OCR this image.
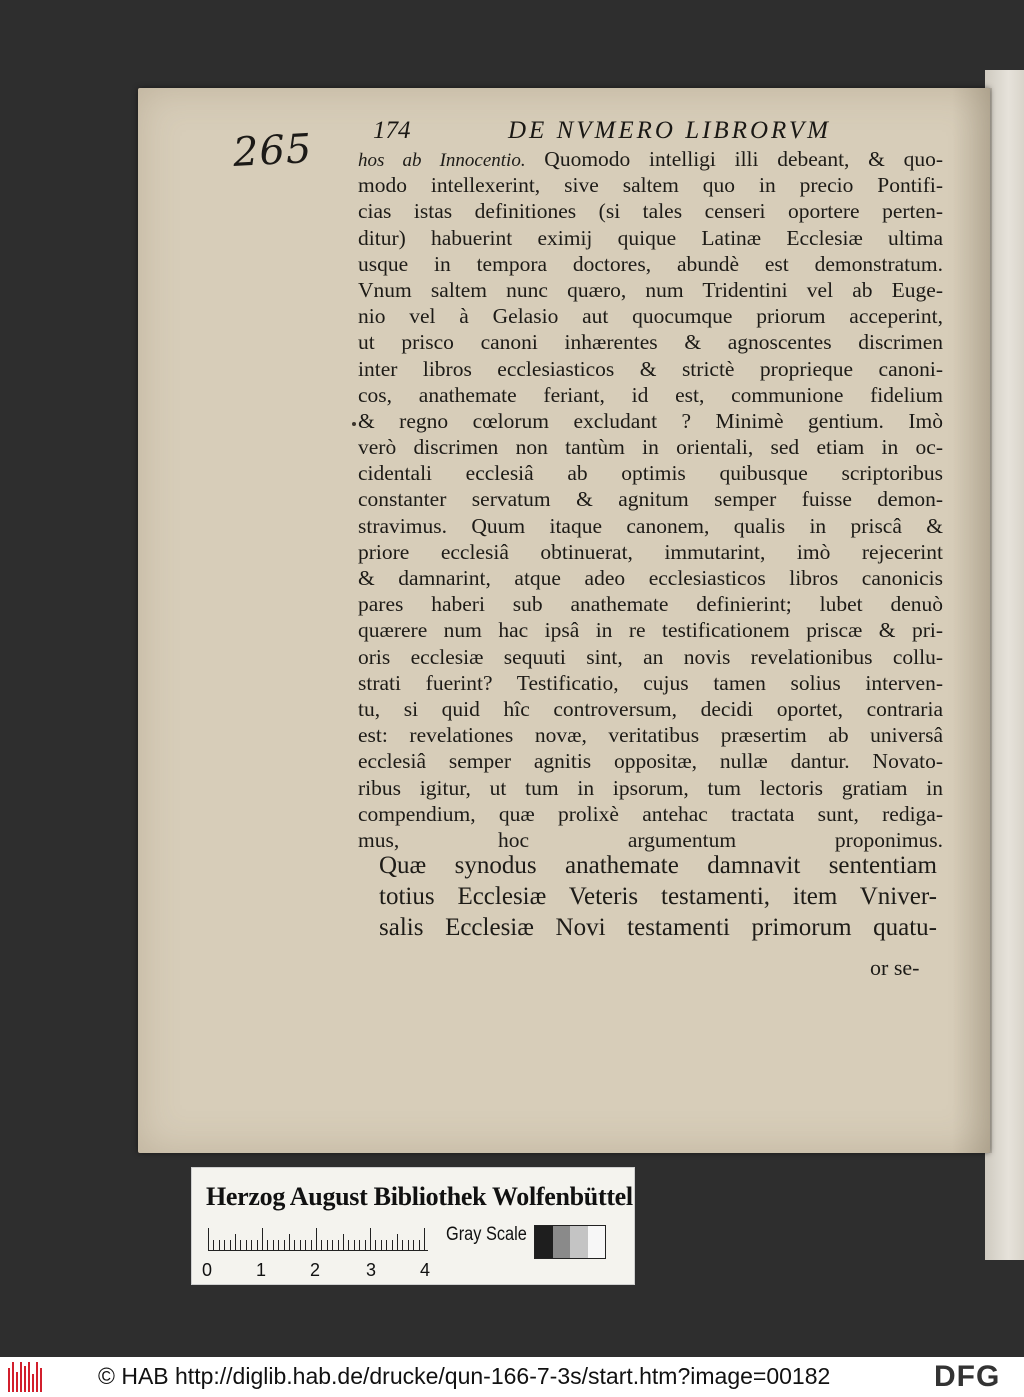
265 174	DE NVMERO LIBRORVM
hos ab Innocentio. Quomodo intelligi illi debeant, & quo-
modo intellexerint, sive saltem quo in precio Pontifi-
cias istas definitiones (si tales censeri oportere perten-
ditur) habuerint eximij quique Latinæ Ecclesiæ ultima
usque in tempora doctores, abundè est demonstratum.
Vnum saltem nunc quæro, num Tridentini vel ab Euge-
nio vel à Gelasio aut quocumque priorum acceperint,
ut prisco canoni inhærentes & agnoscentes discrimen
inter libros ecclesiasticos & strictè proprieque canoni-
cos, anathemate feriant, id est, communione fidelium
& regno cœlorum excludant ? Minimè gentium. Imò
verò discrimen non tantùm in orientali, sed etiam in oc-
cidentali ecclesiâ ab optimis quibusque scriptoribus
constanter servatum & agnitum semper fuisse demon-
stravimus. Quum itaque canonem, qualis in priscâ &
priore ecclesiâ obtinuerat, immutarint, imò rejecerint
& damnarint, atque adeo ecclesiasticos libros canonicis
pares haberi sub anathemate definierint; lubet denuò
quærere num hac ipsâ in re testificationem priscæ & pri-
oris ecclesiæ sequuti sint, an novis revelationibus collu-
strati fuerint? Testificatio, cujus tamen solius interven-
tu, si quid hîc controversum, decidi oportet, contraria
est: revelationes novæ, veritatibus præsertim ab universâ
ecclesiâ semper agnitis oppositæ, nullæ dantur. Novato-
ribus igitur, ut tum in ipsorum, tum lectoris gratiam in
compendium, quæ prolixè antehac tractata sunt, rediga-
mus, hoc argumentum proponimus.
Quæ synodus anathemate damnavit sententiam
totius Ecclesiæ Veteris testamenti, item Vniver-
salis Ecclesiæ Novi testamenti primorum quatu-
or se-
Herzog August Bibliothek Wolfenbüttel
0 1 2	3 4
Gray Scale
© HAB http://diglib.hab.de/drucke/qun-166-7-3s/start.htm?image=00182	DFG
